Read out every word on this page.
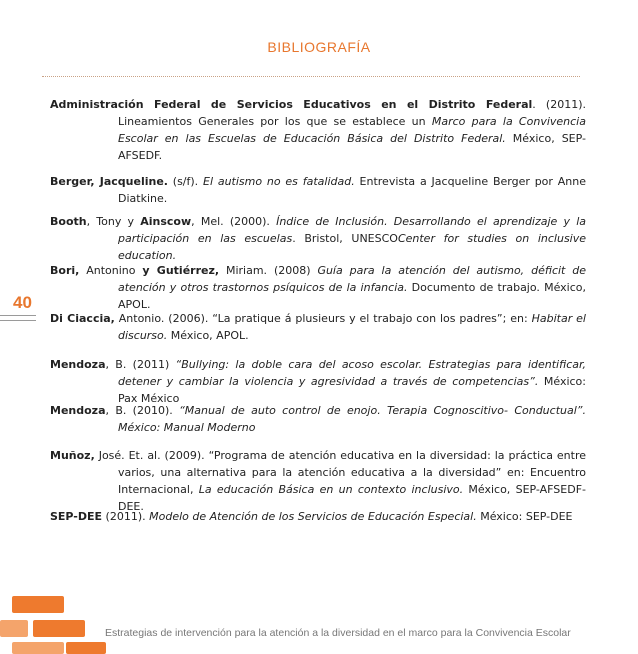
BIBLIOGRAFÍA
40

Administración Federal de Servicios Educativos en el Distrito Federal. (2011). Lineamientos Generales por los que se establece un Marco para la Convivencia Escolar en las Escuelas de Educación Básica del Distrito Federal. México, SEP-AFSEDF.

Berger, Jacqueline. (s/f). El autismo no es fatalidad. Entrevista a Jacqueline Berger por Anne Diatkine.

Booth, Tony y Ainscow, Mel. (2000). Índice de Inclusión. Desarrollando el aprendizaje y la participación en las escuelas. Bristol, UNESCOCenter for studies on inclusive education.

Bori, Antonino y Gutiérrez, Miriam. (2008) Guía para la atención del autismo, déficit de atención y otros trastornos psíquicos de la infancia. Documento de trabajo. México, APOL.

Di Ciaccia, Antonio. (2006). “La pratique á plusieurs y el trabajo con los padres”; en: Habitar el discurso. México, APOL.

Mendoza, B. (2011) “Bullying: la doble cara del acoso escolar. Estrategias para identificar, detener y cambiar la violencia y agresividad a través de competencias”. México: Pax México

Mendoza, B. (2010). “Manual de auto control de enojo. Terapia Cognoscitivo- Conductual”. México: Manual Moderno

Muñoz, José. Et. al. (2009). “Programa de atención educativa en la diversidad: la práctica entre varios, una alternativa para la atención educativa a la diversidad” en: Encuentro Internacional, La educación Básica en un contexto inclusivo. México, SEP-AFSEDF-DEE.

SEP-DEE (2011). Modelo de Atención de los Servicios de Educación Especial. México: SEP-DEE

Estrategias de intervención para la atención a la diversidad en el marco para la Convivencia Escolar
